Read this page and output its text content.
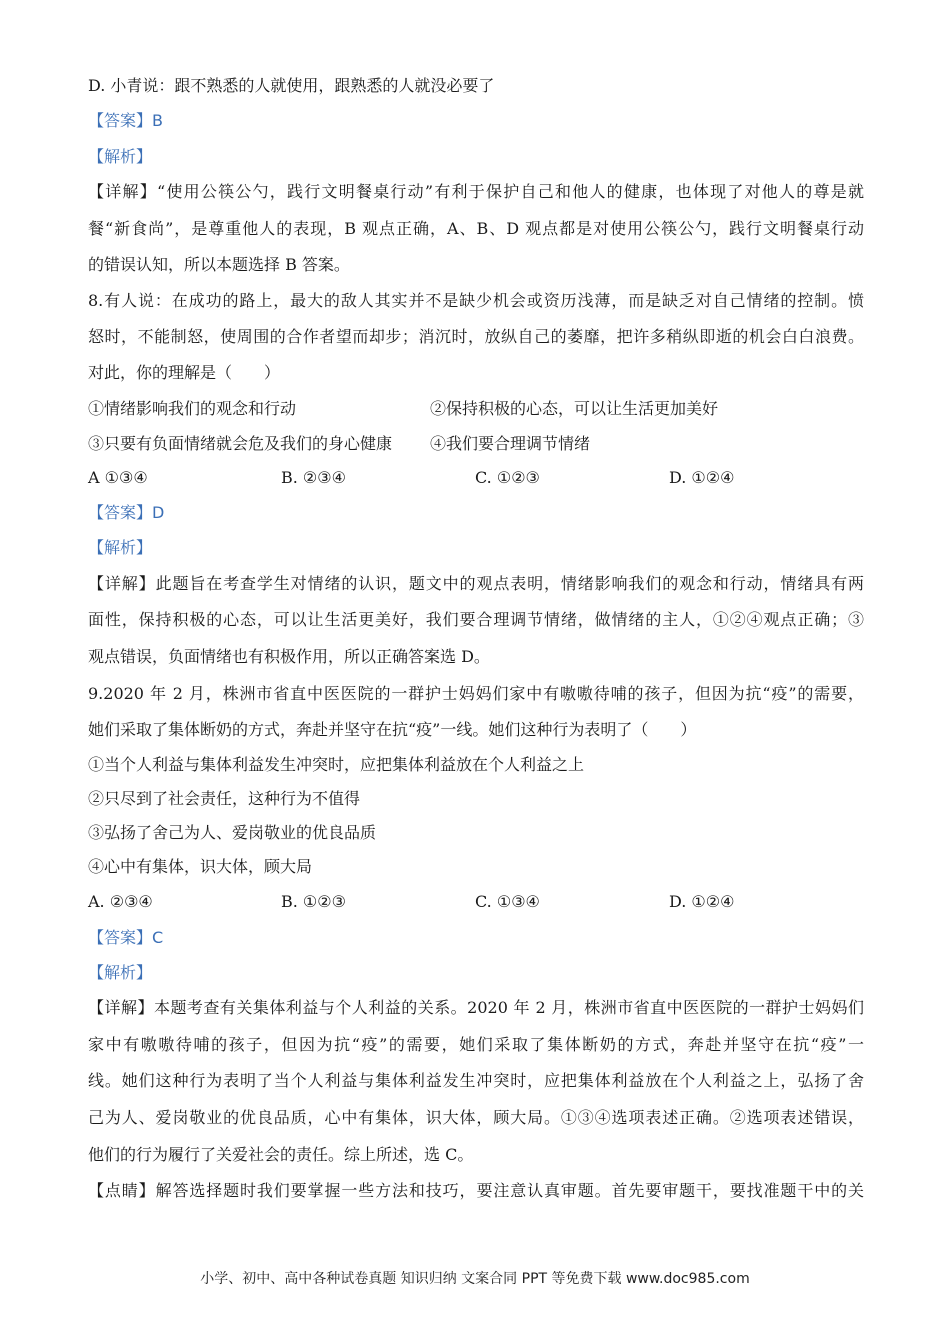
D. 小青说：跟不熟悉的人就使用，跟熟悉的人就没必要了
【答案】B
【解析】
【详解】“使用公筷公勺，践行文明餐桌行动”有利于保护自己和他人的健康，也体现了对他人的尊是就
餐“新食尚”，是尊重他人的表现，B 观点正确，A、B、D 观点都是对使用公筷公勺，践行文明餐桌行动
的错误认知，所以本题选择 B 答案。
8.有人说：在成功的路上，最大的敌人其实并不是缺少机会或资历浅薄，而是缺乏对自己情绪的控制。愤
怒时，不能制怒，使周围的合作者望而却步；消沉时，放纵自己的萎靡，把许多稍纵即逝的机会白白浪费。
对此，你的理解是（　　）
①情绪影响我们的观念和行动	②保持积极的心态，可以让生活更加美好
③只要有负面情绪就会危及我们的身心健康 ④我们要合理调节情绪
A ①③④	B. ②③④	C. ①②③	D. ①②④
【答案】D
【解析】
【详解】此题旨在考查学生对情绪的认识，题文中的观点表明，情绪影响我们的观念和行动，情绪具有两
面性，保持积极的心态，可以让生活更美好，我们要合理调节情绪，做情绪的主人，①②④观点正确；③
观点错误，负面情绪也有积极作用，所以正确答案选 D。
9.2020 年 2 月，株洲市省直中医医院的一群护士妈妈们家中有嗷嗷待哺的孩子，但因为抗“疫”的需要，
她们采取了集体断奶的方式，奔赴并坚守在抗“疫”一线。她们这种行为表明了（　　）
①当个人利益与集体利益发生冲突时，应把集体利益放在个人利益之上
②只尽到了社会责任，这种行为不值得
③弘扬了舍己为人、爱岗敬业的优良品质
④心中有集体，识大体，顾大局
A. ②③④	B. ①②③	C. ①③④	D. ①②④
【答案】C
【解析】
【详解】本题考查有关集体利益与个人利益的关系。2020 年 2 月，株洲市省直中医医院的一群护士妈妈们
家中有嗷嗷待哺的孩子，但因为抗“疫”的需要，她们采取了集体断奶的方式，奔赴并坚守在抗“疫”一
线。她们这种行为表明了当个人利益与集体利益发生冲突时，应把集体利益放在个人利益之上，弘扬了舍
己为人、爱岗敬业的优良品质，心中有集体，识大体，顾大局。①③④选项表述正确。②选项表述错误，
他们的行为履行了关爱社会的责任。综上所述，选 C。
【点睛】解答选择题时我们要掌握一些方法和技巧，要注意认真审题。首先要审题干，要找准题干中的关
小学、初中、高中各种试卷真题 知识归纳 文案合同 PPT 等免费下载 www.doc985.com
